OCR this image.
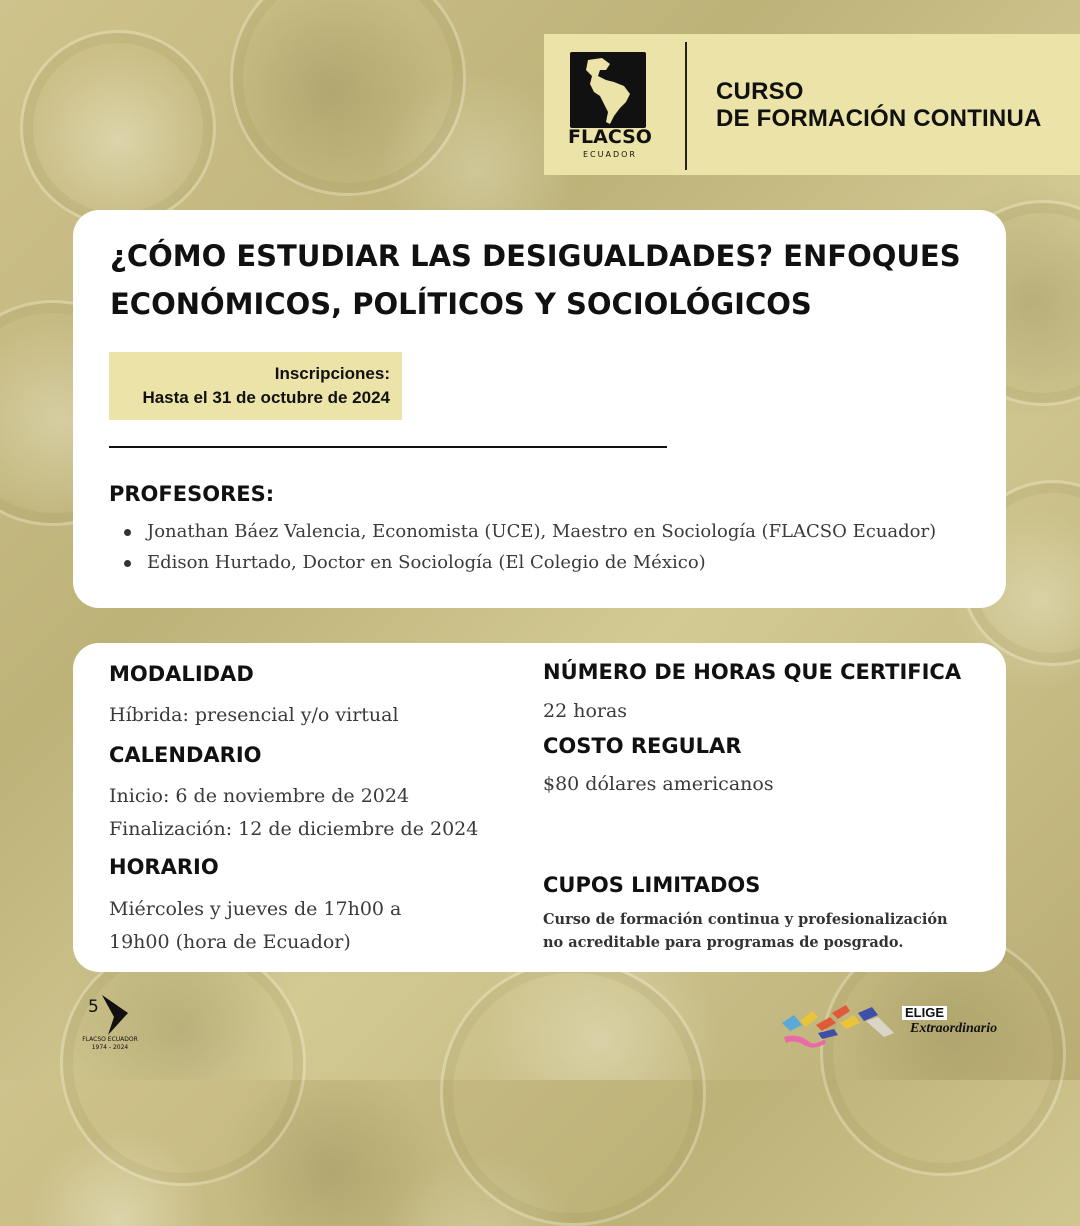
FLACSO
ECUADOR
CURSO
DE FORMACIÓN CONTINUA
¿CÓMO ESTUDIAR LAS DESIGUALDADES? ENFOQUES ECONÓMICOS, POLÍTICOS Y SOCIOLÓGICOS
Inscripciones:
Hasta el 31 de octubre de 2024
PROFESORES:
Jonathan Báez Valencia, Economista (UCE), Maestro en Sociología (FLACSO Ecuador)
Edison Hurtado, Doctor en Sociología (El Colegio de México)
MODALIDAD
Híbrida: presencial y/o virtual
CALENDARIO
Inicio: 6 de noviembre de 2024
Finalización: 12 de diciembre de 2024
HORARIO
Miércoles y jueves de 17h00 a
19h00 (hora de Ecuador)
NÚMERO DE HORAS QUE CERTIFICA
22 horas
COSTO REGULAR
$80 dólares americanos
CUPOS LIMITADOS
Curso de formación continua y profesionalización
no acreditable para programas de posgrado.
5
FLACSO ECUADOR
1974 - 2024
ELIGE
Extraordinario
